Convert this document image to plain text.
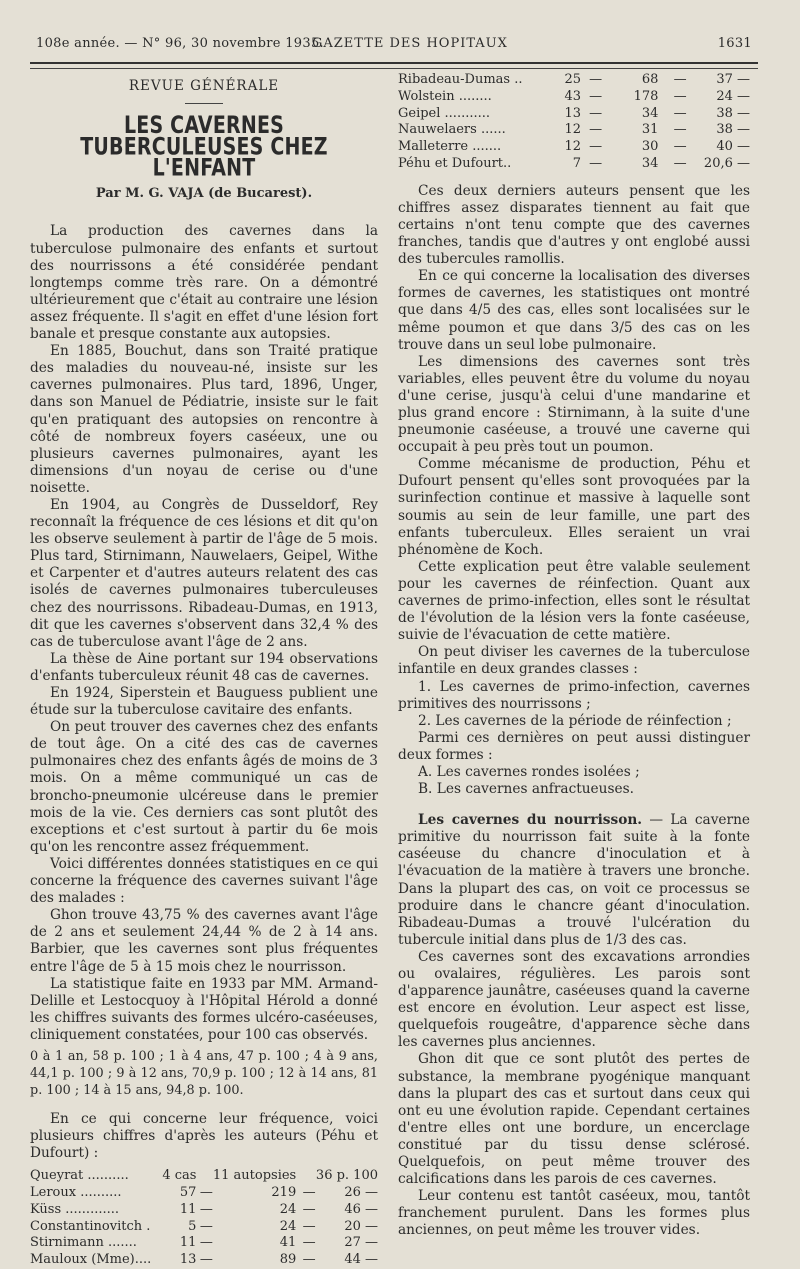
108e année. — N° 96, 30 novembre 1935.
GAZETTE DES HOPITAUX	1631
REVUE GÉNÉRALE
LES CAVERNES TUBERCULEUSES CHEZ L'ENFANT
Par M. G. VAJA (de Bucarest).

La production des cavernes dans la tuberculose pulmonaire des enfants et surtout des nourrissons a été considérée pendant longtemps comme très rare. On a démontré ultérieurement que c'était au contraire une lésion assez fréquente. Il s'agit en effet d'une lésion fort banale et presque constante aux autopsies.

En 1885, Bouchut, dans son Traité pratique des maladies du nouveau-né, insiste sur les cavernes pulmonaires. Plus tard, 1896, Unger, dans son Manuel de Pédiatrie, insiste sur le fait qu'en pratiquant des autopsies on rencontre à côté de nombreux foyers caséeux, une ou plusieurs cavernes pulmonaires, ayant les dimensions d'un noyau de cerise ou d'une noisette.

En 1904, au Congrès de Dusseldorf, Rey reconnaît la fréquence de ces lésions et dit qu'on les observe seulement à partir de l'âge de 5 mois. Plus tard, Stirnimann, Nauwelaers, Geipel, Withe et Carpenter et d'autres auteurs relatent des cas isolés de cavernes pulmonaires tuberculeuses chez des nourrissons. Ribadeau-Dumas, en 1913, dit que les cavernes s'observent dans 32,4 % des cas de tuberculose avant l'âge de 2 ans.

La thèse de Aine portant sur 194 observations d'enfants tuberculeux réunit 48 cas de cavernes.

En 1924, Siperstein et Bauguess publient une étude sur la tuberculose cavitaire des enfants.

On peut trouver des cavernes chez des enfants de tout âge. On a cité des cas de cavernes pulmonaires chez des enfants âgés de moins de 3 mois. On a même communiqué un cas de broncho-pneumonie ulcéreuse dans le premier mois de la vie. Ces derniers cas sont plutôt des exceptions et c'est surtout à partir du 6e mois qu'on les rencontre assez fréquemment.

Voici différentes données statistiques en ce qui concerne la fréquence des cavernes suivant l'âge des malades :

Ghon trouve 43,75 % des cavernes avant l'âge de 2 ans et seulement 24,44 % de 2 à 14 ans. Barbier, que les cavernes sont plus fréquentes entre l'âge de 5 à 15 mois chez le nourrisson.

La statistique faite en 1933 par MM. Armand-Delille et Lestocquoy à l'Hôpital Hérold a donné les chiffres suivants des formes ulcéro-caséeuses, cliniquement constatées, pour 100 cas observés.

0 à 1 an, 58 p. 100 ; 1 à 4 ans, 47 p. 100 ; 4 à 9 ans, 44,1 p. 100 ; 9 à 12 ans, 70,9 p. 100 ; 12 à 14 ans, 81 p. 100 ; 14 à 15 ans, 94,8 p. 100.

En ce qui concerne leur fréquence, voici plusieurs chiffres d'après les auteurs (Péhu et Dufourt) :

Queyrat ..........	4 cas		11 autopsies		36 p. 100
Leroux ..........	57	—	219	—	26 —
Küss .............	11	—	24	—	46 —
Constantinovitch .	5	—	24	—	20 —
Stirnimann .......	11	—	41	—	27 —
Mauloux (Mme)....	13	—	89	—	44 —
Ribadeau-Dumas ..	25	—	68	—	37 —
Wolstein ........	43	—	178	—	24 —
Geipel ...........	13	—	34	—	38 —
Nauwelaers ......	12	—	31	—	38 —
Malleterre .......	12	—	30	—	40 —
Péhu et Dufourt..	7	—	34	—	20,6 —

Ces deux derniers auteurs pensent que les chiffres assez disparates tiennent au fait que certains n'ont tenu compte que des cavernes franches, tandis que d'autres y ont englobé aussi des tubercules ramollis.

En ce qui concerne la localisation des diverses formes de cavernes, les statistiques ont montré que dans 4/5 des cas, elles sont localisées sur le même poumon et que dans 3/5 des cas on les trouve dans un seul lobe pulmonaire.

Les dimensions des cavernes sont très variables, elles peuvent être du volume du noyau d'une cerise, jusqu'à celui d'une mandarine et plus grand encore : Stirnimann, à la suite d'une pneumonie caséeuse, a trouvé une caverne qui occupait à peu près tout un poumon.

Comme mécanisme de production, Péhu et Dufourt pensent qu'elles sont provoquées par la surinfection continue et massive à laquelle sont soumis au sein de leur famille, une part des enfants tuberculeux. Elles seraient un vrai phénomène de Koch.

Cette explication peut être valable seulement pour les cavernes de réinfection. Quant aux cavernes de primo-infection, elles sont le résultat de l'évolution de la lésion vers la fonte caséeuse, suivie de l'évacuation de cette matière.

On peut diviser les cavernes de la tuberculose infantile en deux grandes classes :

1. Les cavernes de primo-infection, cavernes primitives des nourrissons ;

2. Les cavernes de la période de réinfection ;

Parmi ces dernières on peut aussi distinguer deux formes :

A. Les cavernes rondes isolées ;

B. Les cavernes anfractueuses.

Les cavernes du nourrisson. — La caverne primitive du nourrisson fait suite à la fonte caséeuse du chancre d'inoculation et à l'évacuation de la matière à travers une bronche. Dans la plupart des cas, on voit ce processus se produire dans le chancre géant d'inoculation. Ribadeau-Dumas a trouvé l'ulcération du tubercule initial dans plus de 1/3 des cas.

Ces cavernes sont des excavations arrondies ou ovalaires, régulières. Les parois sont d'apparence jaunâtre, caséeuses quand la caverne est encore en évolution. Leur aspect est lisse, quelquefois rougeâtre, d'apparence sèche dans les cavernes plus anciennes.

Ghon dit que ce sont plutôt des pertes de substance, la membrane pyogénique manquant dans la plupart des cas et surtout dans ceux qui ont eu une évolution rapide. Cependant certaines d'entre elles ont une bordure, un encerclage constitué par du tissu dense sclérosé. Quelquefois, on peut même trouver des calcifications dans les parois de ces cavernes.

Leur contenu est tantôt caséeux, mou, tantôt franchement purulent. Dans les formes plus anciennes, on peut même les trouver vides.
